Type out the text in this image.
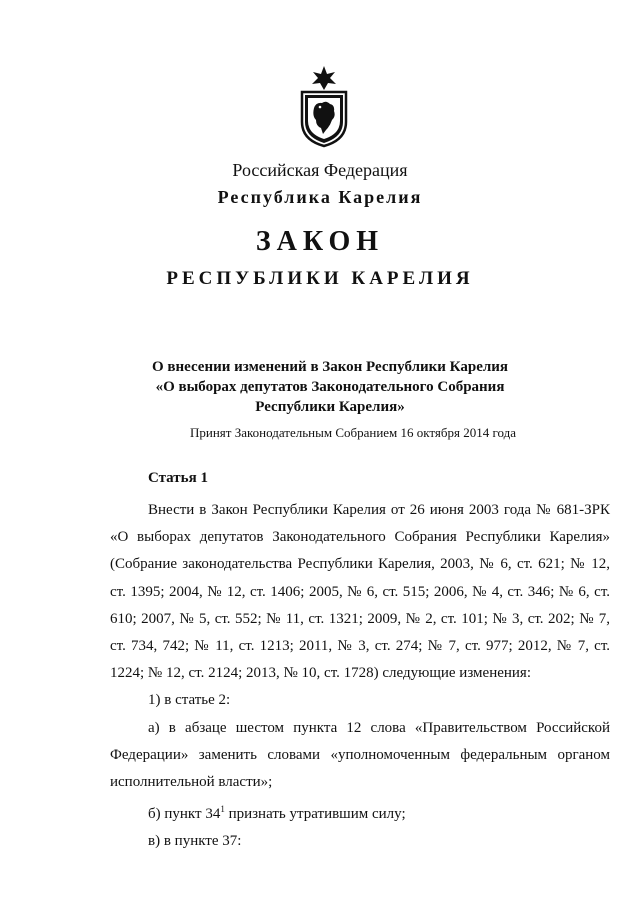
Российская Федерация
Республика Карелия
ЗАКОН
РЕСПУБЛИКИ КАРЕЛИЯ
О внесении изменений в Закон Республики Карелия
«О выборах депутатов Законодательного Собрания
Республики Карелия»
Принят Законодательным Собранием 16 октября 2014 года
Статья 1

Внести в Закон Республики Карелия от 26 июня 2003 года № 681-ЗРК «О выборах депутатов Законодательного Собрания Республики Карелия» (Собрание законодательства Республики Карелия, 2003, № 6, ст. 621; № 12, ст. 1395; 2004, № 12, ст. 1406; 2005, № 6, ст. 515; 2006, № 4, ст. 346; № 6, ст. 610; 2007, № 5, ст. 552; № 11, ст. 1321; 2009, № 2, ст. 101; № 3, ст. 202; № 7, ст. 734, 742; № 11, ст. 1213; 2011, № 3, ст. 274; № 7, ст. 977; 2012, № 7, ст. 1224; № 12, ст. 2124; 2013, № 10, ст. 1728) следующие изменения:

1) в статье 2:

а) в абзаце шестом пункта 12 слова «Правительством Российской Федерации» заменить словами «уполномоченным федеральным органом исполнительной власти»;

б) пункт $34^1$ признать утратившим силу;

в) в пункте 37:
